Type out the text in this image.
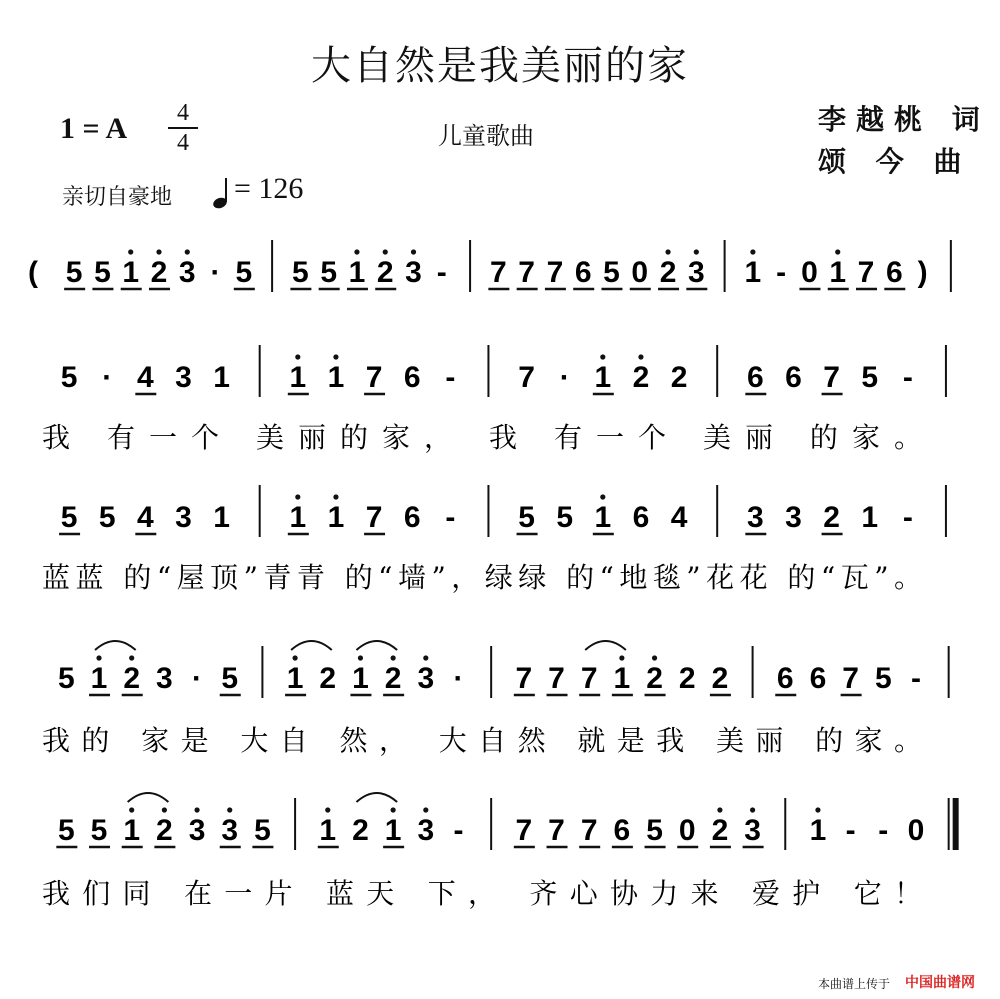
大自然是我美丽的家
1 = A	4
4	儿童歌曲	李越桃 词
颂 今 曲
亲切自豪地 = 126
( 5 5 1 2 3 · 5 5 5 1 2 3 - 7 7 7 6 5 0 2 3 1 - 0 1 7 6 )
5 · 4 3 1 1 1 7 6 - 7 · 1 2 2 6 6 7 5 -
我 有一个 美丽的家， 我 有一个 美丽 的家。
5 5 4 3 1 1 1 7 6 - 5 5 1 6 4 3 3 2 1 -
蓝蓝 的“屋顶”青青 的“墙”，绿绿 的“地毯”花花 的“瓦”。
5 1 2 3 · 5 1 2 1 2 3 · 7 7 7 1 2 2 2 6 6 7 5 -
我的 家是 大自 然， 大自然 就是我 美丽 的家。
5 5 1 2 3 3 5 1 2 1 3 - 7 7 7 6 5 0 2 3 1 - - 0
我们同 在一片 蓝天 下， 齐心协力来 爱护 它！
本曲谱上传于 中国曲谱网
